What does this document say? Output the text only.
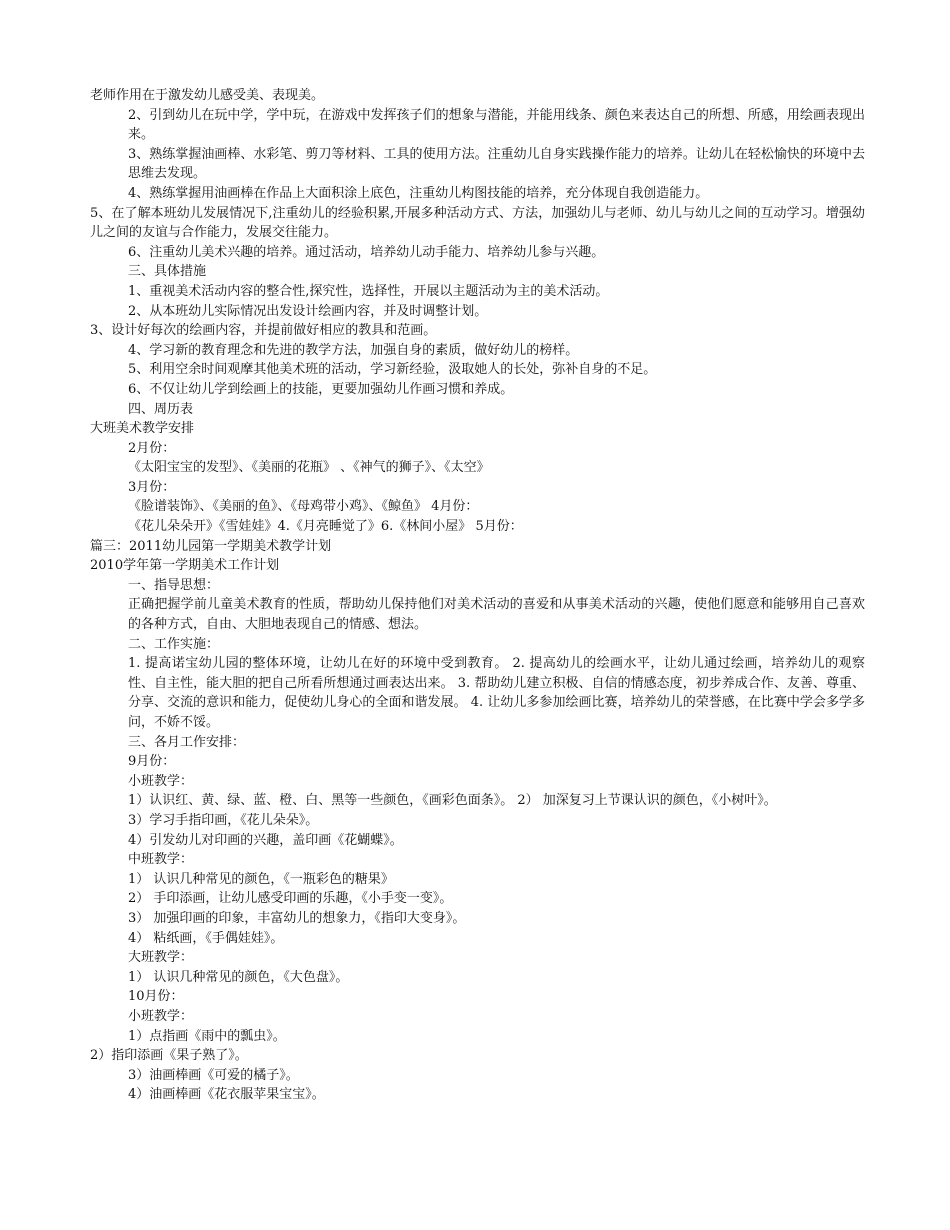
老师作用在于激发幼儿感受美、表现美。
2、引到幼儿在玩中学，学中玩，在游戏中发挥孩子们的想象与潜能，并能用线条、颜色来表达自己的所想、所感，用绘画表现出来。
3、熟练掌握油画棒、水彩笔、剪刀等材料、工具的使用方法。注重幼儿自身实践操作能力的培养。让幼儿在轻松愉快的环境中去思维去发现。
4、熟练掌握用油画棒在作品上大面积涂上底色，注重幼儿构图技能的培养，充分体现自我创造能力。
5、在了解本班幼儿发展情况下,注重幼儿的经验积累,开展多种活动方式、方法，加强幼儿与老师、幼儿与幼儿之间的互动学习。增强幼儿之间的友谊与合作能力，发展交往能力。
6、注重幼儿美术兴趣的培养。通过活动，培养幼儿动手能力、培养幼儿参与兴趣。
三、具体措施
1、重视美术活动内容的整合性,探究性，选择性，开展以主题活动为主的美术活动。
2、从本班幼儿实际情况出发设计绘画内容，并及时调整计划。
3、设计好每次的绘画内容，并提前做好相应的教具和范画。
4、学习新的教育理念和先进的教学方法，加强自身的素质，做好幼儿的榜样。
5、利用空余时间观摩其他美术班的活动，学习新经验，汲取她人的长处，弥补自身的不足。
6、不仅让幼儿学到绘画上的技能，更要加强幼儿作画习惯和养成。
四、周历表
大班美术教学安排
2月份：
《太阳宝宝的发型》、《美丽的花瓶》 、《神气的狮子》、《太空》
3月份：
《脸谱装饰》、《美丽的鱼》、《母鸡带小鸡》、《鲸鱼》 4月份：
《花儿朵朵开》《雪娃娃》4.《月亮睡觉了》6.《林间小屋》 5月份：
篇三：2011幼儿园第一学期美术教学计划
2010学年第一学期美术工作计划
一、指导思想：
正确把握学前儿童美术教育的性质，帮助幼儿保持他们对美术活动的喜爱和从事美术活动的兴趣，使他们愿意和能够用自己喜欢的各种方式，自由、大胆地表现自己的情感、想法。
二、工作实施：
1. 提高诺宝幼儿园的整体环境，让幼儿在好的环境中受到教育。 2. 提高幼儿的绘画水平，让幼儿通过绘画，培养幼儿的观察性、自主性，能大胆的把自己所看所想通过画表达出来。 3. 帮助幼儿建立积极、自信的情感态度，初步养成合作、友善、尊重、分享、交流的意识和能力，促使幼儿身心的全面和谐发展。 4. 让幼儿多参加绘画比赛，培养幼儿的荣誉感，在比赛中学会多学多问，不娇不馁。
三、各月工作安排：
9月份：
小班教学：
1）认识红、黄、绿、蓝、橙、白、黑等一些颜色，《画彩色面条》。 2） 加深复习上节课认识的颜色，《小树叶》。
3）学习手指印画，《花儿朵朵》。
4）引发幼儿对印画的兴趣，盖印画《花蝴蝶》。
中班教学：
1） 认识几种常见的颜色，《一瓶彩色的糖果》
2） 手印添画，让幼儿感受印画的乐趣，《小手变一变》。
3） 加强印画的印象，丰富幼儿的想象力，《指印大变身》。
4） 粘纸画，《手偶娃娃》。
大班教学：
1） 认识几种常见的颜色，《大色盘》。
10月份：
小班教学：
1）点指画《雨中的瓢虫》。
2）指印添画《果子熟了》。
3）油画棒画《可爱的橘子》。
4）油画棒画《花衣服苹果宝宝》。
